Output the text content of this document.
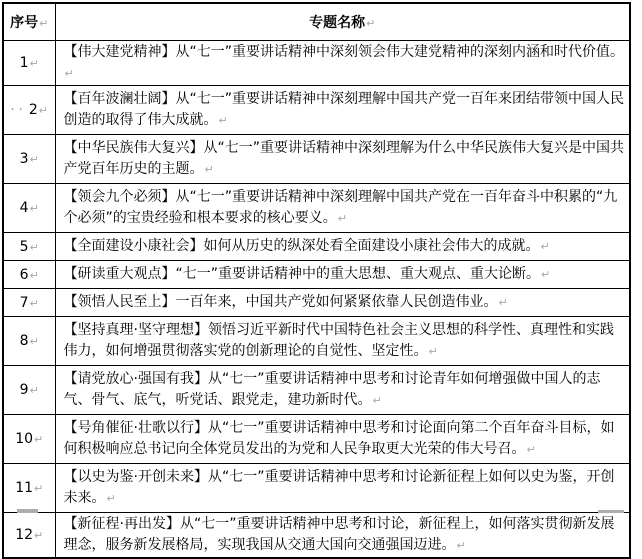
序号↵	专题名称↵
1↵	【伟大建党精神】从“七一”重要讲话精神中深刻领会伟大建党精神的深刻内涵和时代价值。↵
·· 2↵	【百年波澜壮阔】从“七一”重要讲话精神中深刻理解中国共产党一百年来团结带领中国人民创造的取得了伟大成就。↵
3↵	【中华民族伟大复兴】从“七一”重要讲话精神中深刻理解为什么中华民族伟大复兴是中国共产党百年历史的主题。↵
4↵	【领会九个必须】从“七一”重要讲话精神中深刻理解中国共产党在一百年奋斗中积累的“九个必须”的宝贵经验和根本要求的核心要义。↵
5↵	【全面建设小康社会】如何从历史的纵深处看全面建设小康社会伟大的成就。↵
6↵	【研读重大观点】“七一”重要讲话精神中的重大思想、重大观点、重大论断。↵
7↵	【领悟人民至上】一百年来，中国共产党如何紧紧依靠人民创造伟业。↵
8↵	【坚持真理·坚守理想】领悟习近平新时代中国特色社会主义思想的科学性、真理性和实践伟力，如何增强贯彻落实党的创新理论的自觉性、坚定性。↵
9↵	【请党放心·强国有我】从“七一”重要讲话精神中思考和讨论青年如何增强做中国人的志气、骨气、底气，听党话、跟党走，建功新时代。↵
10↵	【号角催征·壮歌以行】从“七一”重要讲话精神中思考和讨论面向第二个百年奋斗目标，如何积极响应总书记向全体党员发出的为党和人民争取更大光荣的伟大号召。↵
11↵	【以史为鉴·开创未来】从“七一”重要讲话精神中思考和讨论新征程上如何以史为鉴，开创未来。↵
12↵	【新征程·再出发】从“七一”重要讲话精神中思考和讨论，新征程上，如何落实贯彻新发展理念，服务新发展格局，实现我国从交通大国向交通强国迈进。↵
